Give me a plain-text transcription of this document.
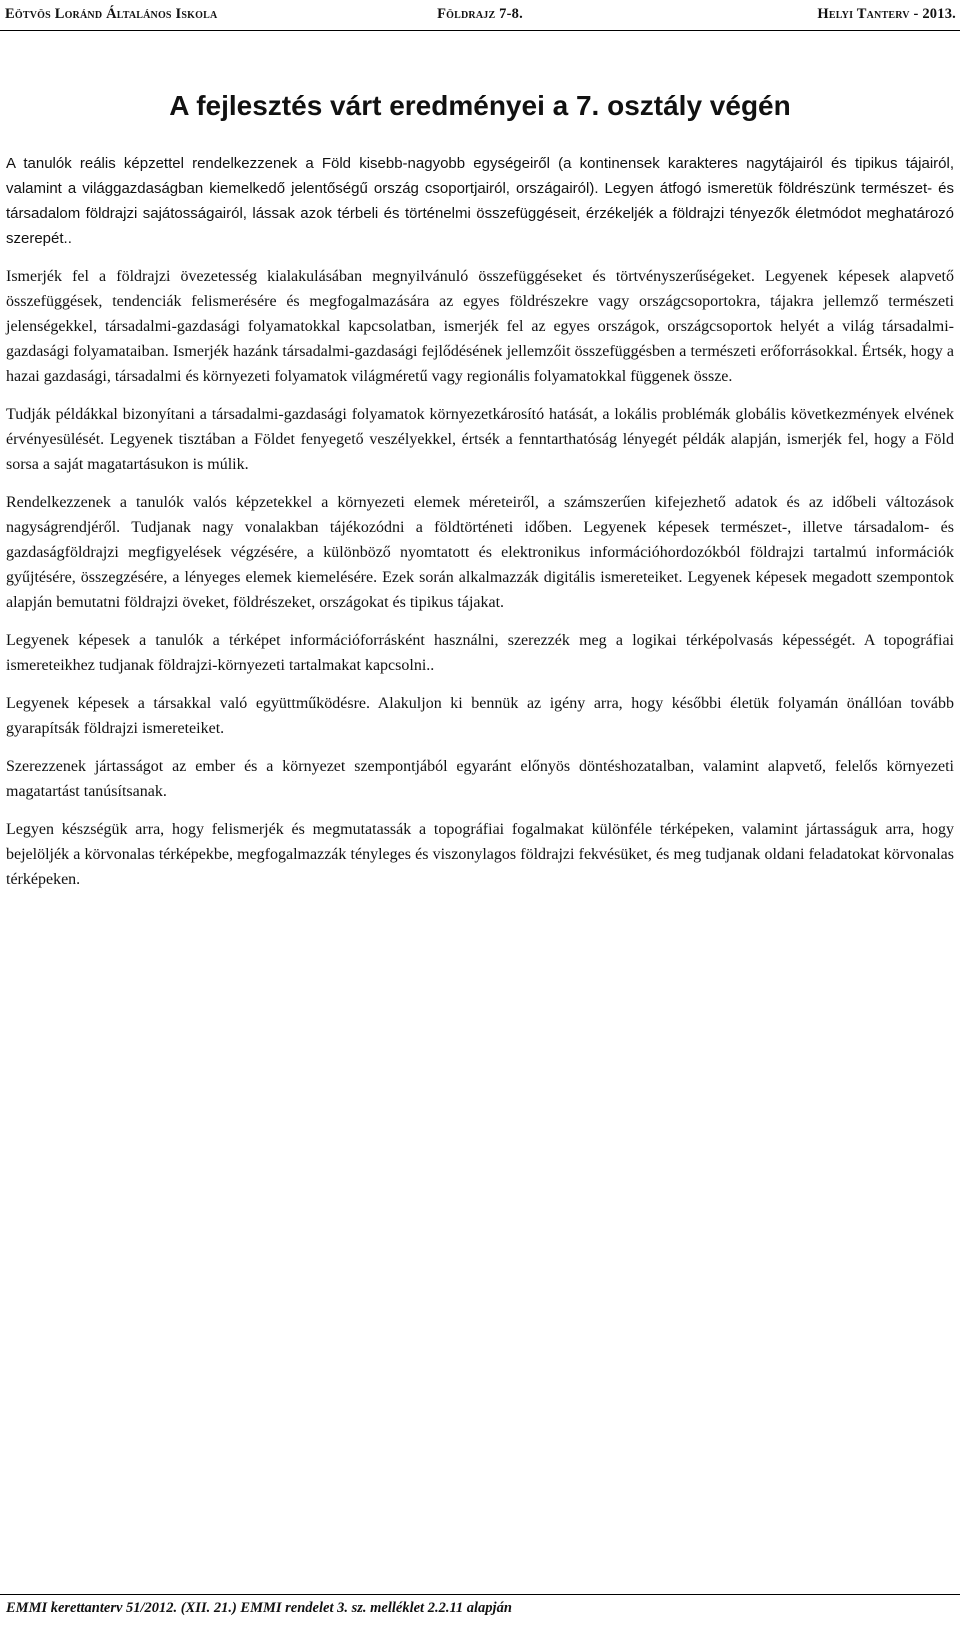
Eötvös Loránd Általános Iskola	Földrajz 7-8.	Helyi Tanterv - 2013.
A fejlesztés várt eredményei a 7. osztály végén

A tanulók reális képzettel rendelkezzenek a Föld kisebb-nagyobb egységeiről (a kontinensek karakteres nagytájairól és tipikus tájairól, valamint a világgazdaságban kiemelkedő jelentőségű ország csoportjairól, országairól). Legyen átfogó ismeretük földrészünk természet- és társadalom földrajzi sajátosságairól, lássak azok térbeli és történelmi összefüggéseit, érzékeljék a földrajzi tényezők életmódot meghatározó szerepét..

Ismerjék fel a földrajzi övezetesség kialakulásában megnyilvánuló összefüggéseket és törtvényszerűségeket. Legyenek képesek alapvető összefüggések, tendenciák felismerésére és megfogalmazására az egyes földrészekre vagy országcsoportokra, tájakra jellemző természeti jelenségekkel, társadalmi-gazdasági folyamatokkal kapcsolatban, ismerjék fel az egyes országok, országcsoportok helyét a világ társadalmi-gazdasági folyamataiban. Ismerjék hazánk társadalmi-gazdasági fejlődésének jellemzőit összefüggésben a természeti erőforrásokkal. Értsék, hogy a hazai gazdasági, társadalmi és környezeti folyamatok világméretű vagy regionális folyamatokkal függenek össze.

Tudják példákkal bizonyítani a társadalmi-gazdasági folyamatok környezetkárosító hatását, a lokális problémák globális következmények elvének érvényesülését. Legyenek tisztában a Földet fenyegető veszélyekkel, értsék a fenntarthatóság lényegét példák alapján, ismerjék fel, hogy a Föld sorsa a saját magatartásukon is múlik.

Rendelkezzenek a tanulók valós képzetekkel a környezeti elemek méreteiről, a számszerűen kifejezhető adatok és az időbeli változások nagyságrendjéről. Tudjanak nagy vonalakban tájékozódni a földtörténeti időben. Legyenek képesek természet-, illetve társadalom- és gazdaságföldrajzi megfigyelések végzésére, a különböző nyomtatott és elektronikus információhordozókból földrajzi tartalmú információk gyűjtésére, összegzésére, a lényeges elemek kiemelésére. Ezek során alkalmazzák digitális ismereteiket. Legyenek képesek megadott szempontok alapján bemutatni földrajzi öveket, földrészeket, országokat és tipikus tájakat.

Legyenek képesek a tanulók a térképet információforrásként használni, szerezzék meg a logikai térképolvasás képességét. A topográfiai ismereteikhez tudjanak földrajzi-környezeti tartalmakat kapcsolni..

Legyenek képesek a társakkal való együttműködésre. Alakuljon ki bennük az igény arra, hogy későbbi életük folyamán önállóan tovább gyarapítsák földrajzi ismereteiket.

Szerezzenek jártasságot az ember és a környezet szempontjából egyaránt előnyös döntéshozatalban, valamint alapvető, felelős környezeti magatartást tanúsítsanak.

Legyen készségük arra, hogy felismerjék és megmutatassák a topográfiai fogalmakat különféle térképeken, valamint jártasságuk arra, hogy bejelöljék a körvonalas térképekbe, megfogalmazzák tényleges és viszonylagos földrajzi fekvésüket, és meg tudjanak oldani feladatokat körvonalas térképeken.

EMMI kerettanterv 51/2012. (XII. 21.) EMMI rendelet 3. sz. melléklet 2.2.11 alapján
